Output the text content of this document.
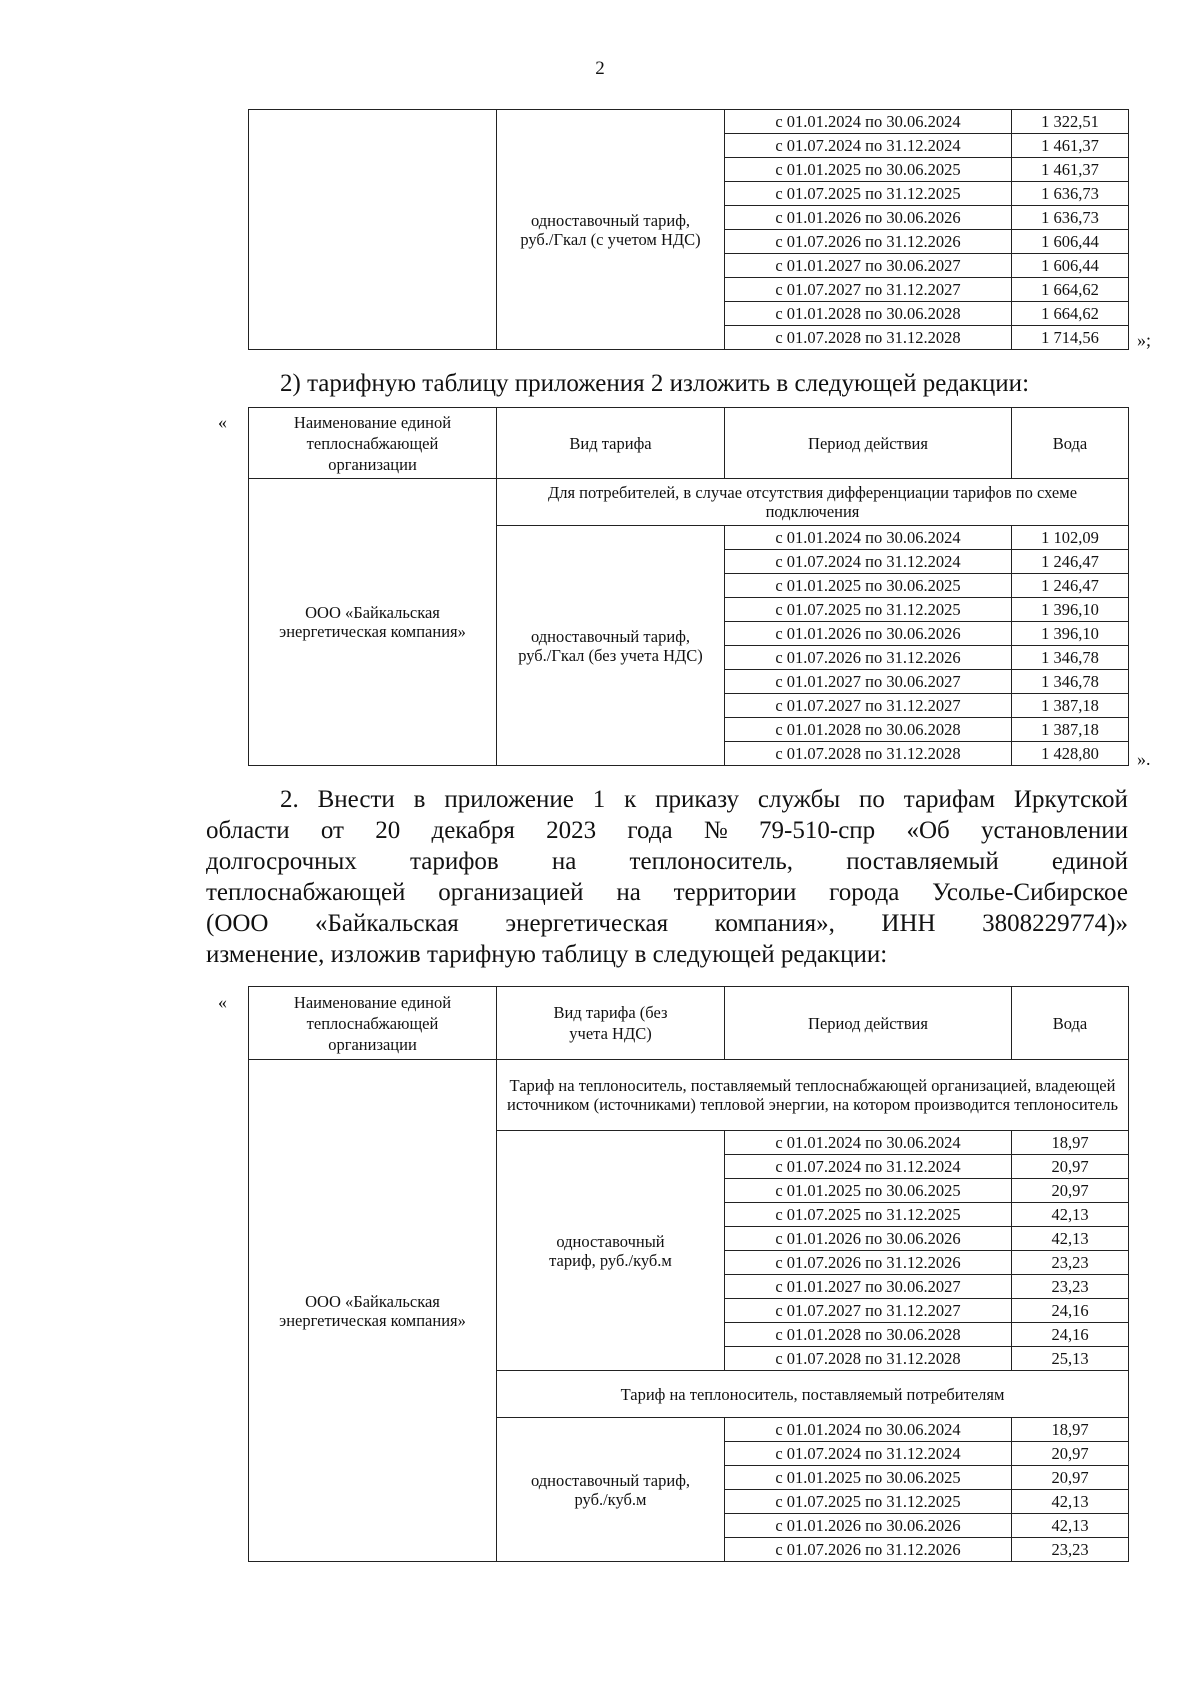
2
	одноставочный тариф, руб./Гкал (с учетом НДС)	с 01.01.2024 по 30.06.2024	1 322,51
		с 01.07.2024 по 31.12.2024	1 461,37
		с 01.01.2025 по 30.06.2025	1 461,37
		с 01.07.2025 по 31.12.2025	1 636,73
		с 01.01.2026 по 30.06.2026	1 636,73
		с 01.07.2026 по 31.12.2026	1 606,44
		с 01.01.2027 по 30.06.2027	1 606,44
		с 01.07.2027 по 31.12.2027	1 664,62
		с 01.01.2028 по 30.06.2028	1 664,62
		с 01.07.2028 по 31.12.2028	1 714,56 »;
2) тарифную таблицу приложения 2 изложить в следующей редакции:
«	Наименование единой теплоснабжающей организации	Вид тарифа	Период действия	Вода
ООО «Байкальская энергетическая компания»	Для потребителей, в случае отсутствия дифференциации тарифов по схеме подключения		
	одноставочный тариф, руб./Гкал (без учета НДС)	с 01.01.2024 по 30.06.2024	1 102,09
		с 01.07.2024 по 31.12.2024	1 246,47
		с 01.01.2025 по 30.06.2025	1 246,47
		с 01.07.2025 по 31.12.2025	1 396,10
		с 01.01.2026 по 30.06.2026	1 396,10
		с 01.07.2026 по 31.12.2026	1 346,78
		с 01.01.2027 по 30.06.2027	1 346,78
		с 01.07.2027 по 31.12.2027	1 387,18
		с 01.01.2028 по 30.06.2028	1 387,18
		с 01.07.2028 по 31.12.2028	1 428,80 ».
2. Внести в приложение 1 к приказу службы по тарифам Иркутской
области от 20 декабря 2023 года № 79-510-спр «Об установлении
долгосрочных тарифов на теплоноситель, поставляемый единой
теплоснабжающей организацией на территории города Усолье-Сибирское
(ООО «Байкальская энергетическая компания», ИНН 3808229774)»
изменение, изложив тарифную таблицу в следующей редакции:
«	Наименование единой теплоснабжающей организации	Вид тарифа (без учета НДС)	Период действия	Вода
ООО «Байкальская энергетическая компания»	Тариф на теплоноситель, поставляемый теплоснабжающей организацией, владеющей источником (источниками) тепловой энергии, на котором производится теплоноситель		
	одноставочный тариф, руб./куб.м	с 01.01.2024 по 30.06.2024	18,97
		с 01.07.2024 по 31.12.2024	20,97
		с 01.01.2025 по 30.06.2025	20,97
		с 01.07.2025 по 31.12.2025	42,13
		с 01.01.2026 по 30.06.2026	42,13
		с 01.07.2026 по 31.12.2026	23,23
		с 01.01.2027 по 30.06.2027	23,23
		с 01.07.2027 по 31.12.2027	24,16
		с 01.01.2028 по 30.06.2028	24,16
		с 01.07.2028 по 31.12.2028	25,13
	Тариф на теплоноситель, поставляемый потребителям		
	одноставочный тариф, руб./куб.м	с 01.01.2024 по 30.06.2024	18,97
		с 01.07.2024 по 31.12.2024	20,97
		с 01.01.2025 по 30.06.2025	20,97
		с 01.07.2025 по 31.12.2025	42,13
		с 01.01.2026 по 30.06.2026	42,13
		с 01.07.2026 по 31.12.2026	23,23
